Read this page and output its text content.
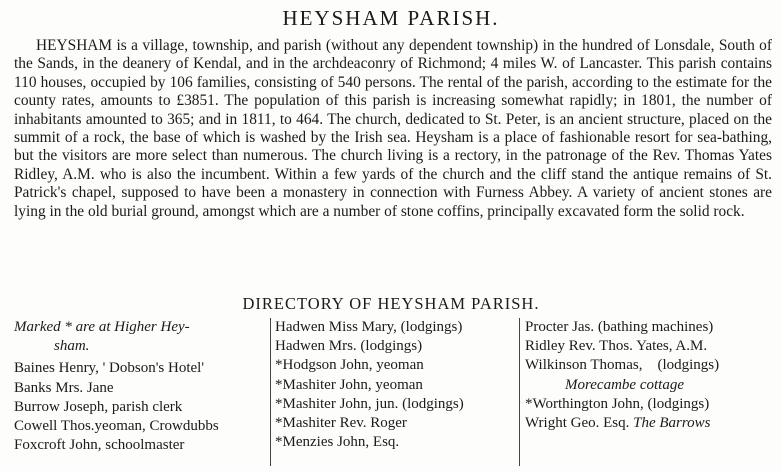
HEYSHAM PARISH.
HEYSHAM is a village, township, and parish (without any dependent township) in the hundred of Lonsdale, South of the Sands, in the deanery of Kendal, and in the archdeaconry of Richmond; 4 miles W. of Lancaster. This parish contains 110 houses, occupied by 106 families, consisting of 540 persons. The rental of the parish, according to the estimate for the county rates, amounts to £3851. The population of this parish is increasing somewhat rapidly; in 1801, the number of inhabitants amounted to 365; and in 1811, to 464. The church, dedicated to St. Peter, is an ancient structure, placed on the summit of a rock, the base of which is washed by the Irish sea. Heysham is a place of fashionable resort for sea-bathing, but the visitors are more select than numerous. The church living is a rectory, in the patronage of the Rev. Thomas Yates Ridley, A.M. who is also the incumbent. Within a few yards of the church and the cliff stand the antique remains of St. Patrick's chapel, supposed to have been a monastery in connection with Furness Abbey. A variety of ancient stones are lying in the old burial ground, amongst which are a number of stone coffins, principally excavated form the solid rock.
DIRECTORY OF HEYSHAM PARISH.
Marked * are at Higher Hey-
sham.
Baines Henry, ' Dobson's Hotel'
Banks Mrs. Jane
Burrow Joseph, parish clerk
Cowell Thos.yeoman, Crowdubbs
Foxcroft John, schoolmaster
Hadwen Miss Mary, (lodgings)
Hadwen Mrs. (lodgings)
*Hodgson John, yeoman
*Mashiter John, yeoman
*Mashiter John, jun. (lodgings)
*Mashiter Rev. Roger
*Menzies John, Esq.
Procter Jas. (bathing machines)
Ridley Rev. Thos. Yates, A.M.
Wilkinson Thomas,    (lodgings)
Morecambe cottage
*Worthington John, (lodgings)
Wright Geo. Esq. The Barrows
